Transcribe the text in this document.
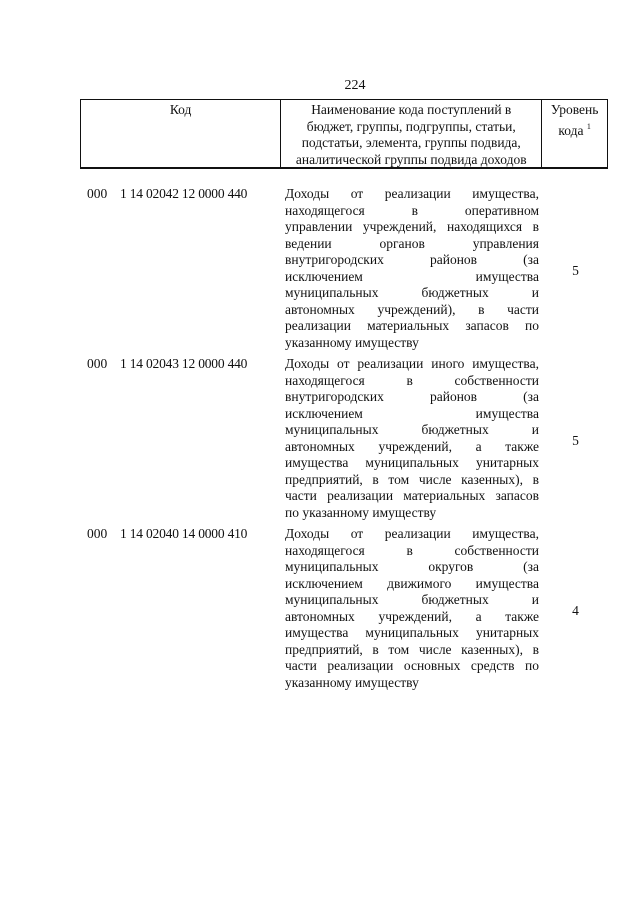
224
Код	Наименование кода поступлений в
бюджет, группы, подгруппы, статьи,
подстатьи, элемента, группы подвида,
аналитической группы подвида доходов
Уровень
кода $^1$
000 1 14 02042 12 0000 440	Доходы от реализации имущества,
находящегося в оперативном
управлении учреждений, находящихся в
ведении органов управления
внутригородских районов (за
исключением имущества
муниципальных бюджетных и
автономных учреждений), в части
реализации материальных запасов по
указанному имуществу
5
000 1 14 02043 12 0000 440	Доходы от реализации иного имущества,
находящегося в собственности
внутригородских районов (за
исключением имущества
муниципальных бюджетных и
автономных учреждений, а также
имущества муниципальных унитарных
предприятий, в том числе казенных), в
части реализации материальных запасов
по указанному имуществу
5
000 1 14 02040 14 0000 410	Доходы от реализации имущества,
находящегося в собственности
муниципальных округов (за
исключением движимого имущества
муниципальных бюджетных и
автономных учреждений, а также
имущества муниципальных унитарных
предприятий, в том числе казенных), в
части реализации основных средств по
указанному имуществу
4
